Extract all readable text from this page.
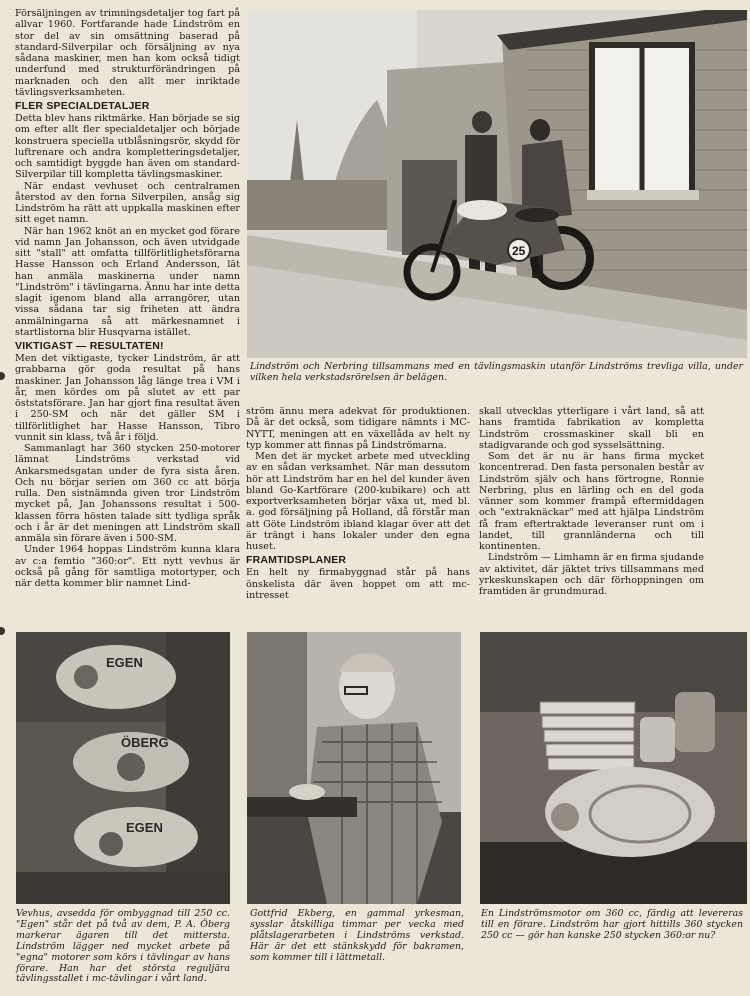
Försäljningen av trimningsdetaljer tog fart på allvar 1960. Fortfarande hade Lindström en stor del av sin omsättning baserad på standard-Silverpilar och försäljning av nya sådana maskiner, men han kom också tidigt underfund med strukturförändringen på marknaden och den allt mer inriktade tävlingsverksamheten.

FLER SPECIALDETALJER

Detta blev hans riktmärke. Han började se sig om efter allt fler specialdetaljer och började konstruera speciella utblåsningsrör, skydd för luftrenare och andra kompletteringsdetaljer, och samtidigt byggde han även om standard-Silverpilar till kompletta tävlingsmaskiner.

När endast vevhuset och centralramen återstod av den forna Silverpilen, ansåg sig Lindström ha rätt att uppkalla maskinen efter sitt eget namn.

När han 1962 knöt an en mycket god förare vid namn Jan Johansson, och även utvidgade sitt "stall" att omfatta tillförlitlighetsförarna Hasse Hansson och Erland Andersson, lät han anmäla maskinerna under namn "Lindström" i tävlingarna. Ännu har inte detta slagit igenom bland alla arrangörer, utan vissa sådana tar sig friheten att ändra anmälningarna så att märkesnamnet i startlistorna blir Husqvarna istället.

VIKTIGAST — RESULTATEN!

Men det viktigaste, tycker Lindström, är att grabbarna gör goda resultat på hans maskiner. Jan Johansson låg länge trea i VM i år, men kördes om på slutet av ett par öststatsförare. Jan har gjort fina resultat även i 250-SM och när det gäller SM i tillförlitlighet har Hasse Hansson, Tibro vunnit sin klass, två år i följd.

Sammanlagt har 360 stycken 250-motorer lämnat Lindströms verkstad vid Ankarsmedsgatan under de fyra sista åren. Och nu börjar serien om 360 cc att börja rulla. Den sistnämnda given tror Lindström mycket på, Jan Johanssons resultat i 500-klassen förra hösten talade sitt tydliga språk och i år är det meningen att Lindström skall anmäla sin förare även i 500-SM.

Under 1964 hoppas Lindström kunna klara av c:a femtio "360:or". Ett nytt vevhus är också på gång för samtliga motortyper, och när detta kommer blir namnet Lind-

25
Lindström och Nerbring tillsammans med en tävlingsmaskin utanför Lindströms trevliga villa, under vilken hela verkstadsrörelsen är belägen.

ström ännu mera adekvat för produktionen. Då är det också, som tidigare nämnts i MC-NYTT, meningen att en växellåda av helt ny typ kommer att finnas på Lindströmarna.

Men det är mycket arbete med utveckling av en sådan verksamhet. När man dessutom hör att Lindström har en hel del kunder även bland Go-Kartförare (200-kubikare) och att exportverksamheten börjar växa ut, med bl. a. god försäljning på Holland, då förstår man att Göte Lindström ibland klagar över att det är trängt i hans lokaler under den egna huset.

FRAMTIDSPLANER

En helt ny firmabyggnad står på hans önskelista där även hoppet om att mc-intresset

skall utvecklas ytterligare i vårt land, så att hans framtida fabrikation av kompletta Lindström crossmaskiner skall bli en stadigvarande och god sysselsättning.

Som det är nu är hans firma mycket koncentrerad. Den fasta personalen består av Lindström själv och hans förtrogne, Ronnie Nerbring, plus en lärling och en del goda vänner som kommer frampå eftermiddagen och "extraknäckar" med att hjälpa Lindström få fram eftertraktade leveranser runt om i landet, till grannländerna och till kontinenten.

Lindström — Limhamn är en firma sjudande av aktivitet, där jäktet trivs tillsammans med yrkeskunskapen och där förhoppningen om framtiden är grundmurad.

EGEN
ÖBERG
EGEN
Vevhus, avsedda för ombyggnad till 250 cc. "Egen" står det på två av dem, P. A. Öberg markerar ägaren till det mittersta. Lindström lägger ned mycket arbete på "egna" motorer som körs i tävlingar av hans förare. Han har det största reguljära tävlingsstallet i mc-tävlingar i vårt land.
Gottfrid Ekberg, en gammal yrkesman, sysslar åtskilliga timmar per vecka med plåtslagerarbeten i Lindströms verkstad. Här är det ett stänkskydd för bakramen, som kommer till i lättmetall.
En Lindströmsmotor om 360 cc, färdig att levereras till en förare. Lindström har gjort hittills 360 stycken 250 cc — gör han kanske 250 stycken 360:or nu?
